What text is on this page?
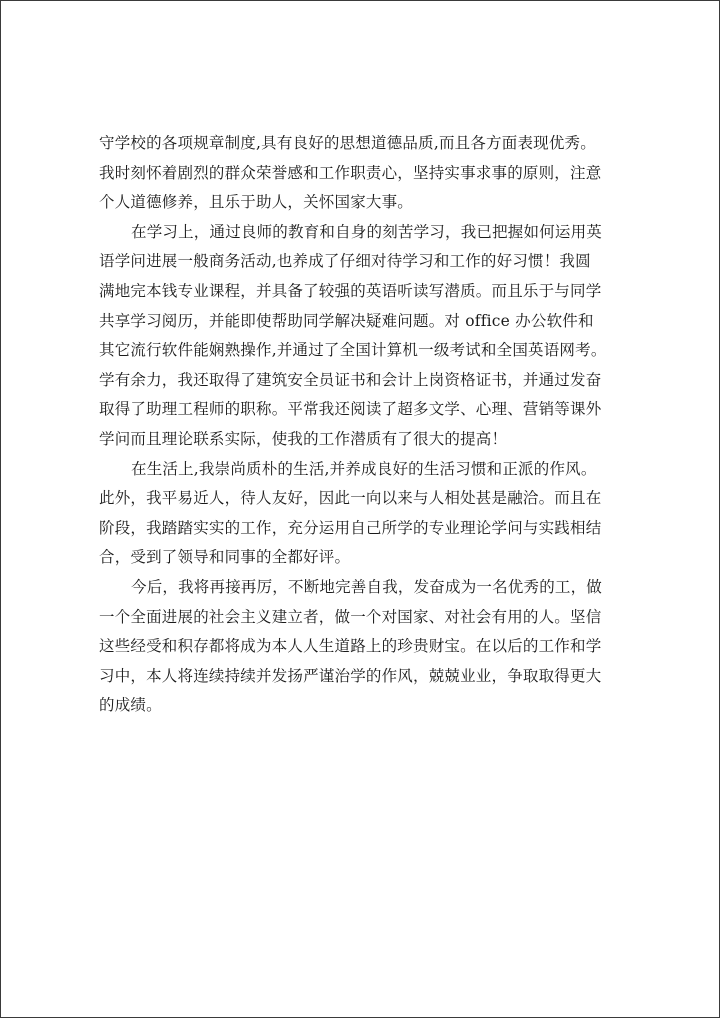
守学校的各项规章制度,具有良好的思想道德品质,而且各方面表现优秀。
我时刻怀着剧烈的群众荣誉感和工作职责心，坚持实事求事的原则，注意
个人道德修养，且乐于助人，关怀国家大事。
在学习上，通过良师的教育和自身的刻苦学习，我已把握如何运用英
语学问进展一般商务活动,也养成了仔细对待学习和工作的好习惯！我圆
满地完本钱专业课程，并具备了较强的英语听读写潜质。而且乐于与同学
共享学习阅历，并能即使帮助同学解决疑难问题。对 office 办公软件和
其它流行软件能娴熟操作,并通过了全国计算机一级考试和全国英语网考。
学有余力，我还取得了建筑安全员证书和会计上岗资格证书，并通过发奋
取得了助理工程师的职称。平常我还阅读了超多文学、心理、营销等课外
学问而且理论联系实际，使我的工作潜质有了很大的提高！
在生活上,我崇尚质朴的生活,并养成良好的生活习惯和正派的作风。
此外，我平易近人，待人友好，因此一向以来与人相处甚是融洽。而且在
阶段，我踏踏实实的工作，充分运用自己所学的专业理论学问与实践相结
合，受到了领导和同事的全都好评。
今后，我将再接再厉，不断地完善自我，发奋成为一名优秀的工，做
一个全面进展的社会主义建立者，做一个对国家、对社会有用的人。坚信
这些经受和积存都将成为本人人生道路上的珍贵财宝。在以后的工作和学
习中，本人将连续持续并发扬严谨治学的作风，兢兢业业，争取取得更大
的成绩。
